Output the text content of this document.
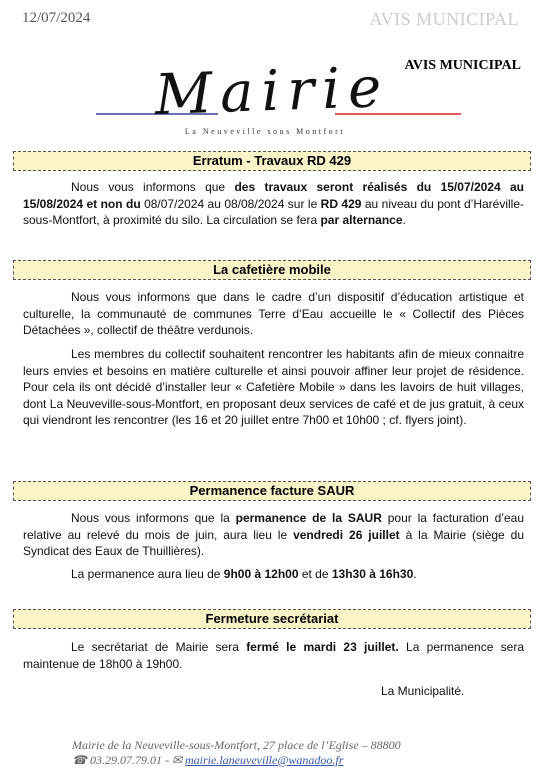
12/07/2024	AVIS MUNICIPAL
AVIS MUNICIPAL
Mairie
La Neuveville sous Montfort
Erratum - Travaux RD 429

Nous vous informons que des travaux seront réalisés du 15/07/2024 au 15/08/2024 et non du 08/07/2024 au 08/08/2024 sur le RD 429 au niveau du pont d’Haréville-sous-Montfort, à proximité du silo. La circulation se fera par alternance.

La cafetière mobile

Nous vous informons que dans le cadre d’un dispositif d’éducation artistique et culturelle, la communauté de communes Terre d’Eau accueille le « Collectif des Pièces Détachées », collectif de théâtre verdunois.

Les membres du collectif souhaitent rencontrer les habitants afin de mieux connaitre leurs envies et besoins en matière culturelle et ainsi pouvoir affiner leur projet de résidence. Pour cela ils ont décidé d’installer leur « Cafetière Mobile » dans les lavoirs de huit villages, dont La Neuveville-sous-Montfort, en proposant deux services de café et de jus gratuit, à ceux qui viendront les rencontrer (les 16 et 20 juillet entre 7h00 et 10h00 ; cf. flyers joint).

Permanence facture SAUR

Nous vous informons que la permanence de la SAUR pour la facturation d’eau relative au relevé du mois de juin, aura lieu le vendredi 26 juillet à la Mairie (siège du Syndicat des Eaux de Thuillières).

La permanence aura lieu de 9h00 à 12h00 et de 13h30 à 16h30.

Fermeture secrétariat

Le secrétariat de Mairie sera fermé le mardi 23 juillet. La permanence sera maintenue de 18h00 à 19h00.

La Municipalité.
Mairie de la Neuveville-sous-Montfort, 27 place de l’Eglise – 88800
☎ 03.29.07.79.01 - ✉ mairie.laneuveville@wanadoo.fr
